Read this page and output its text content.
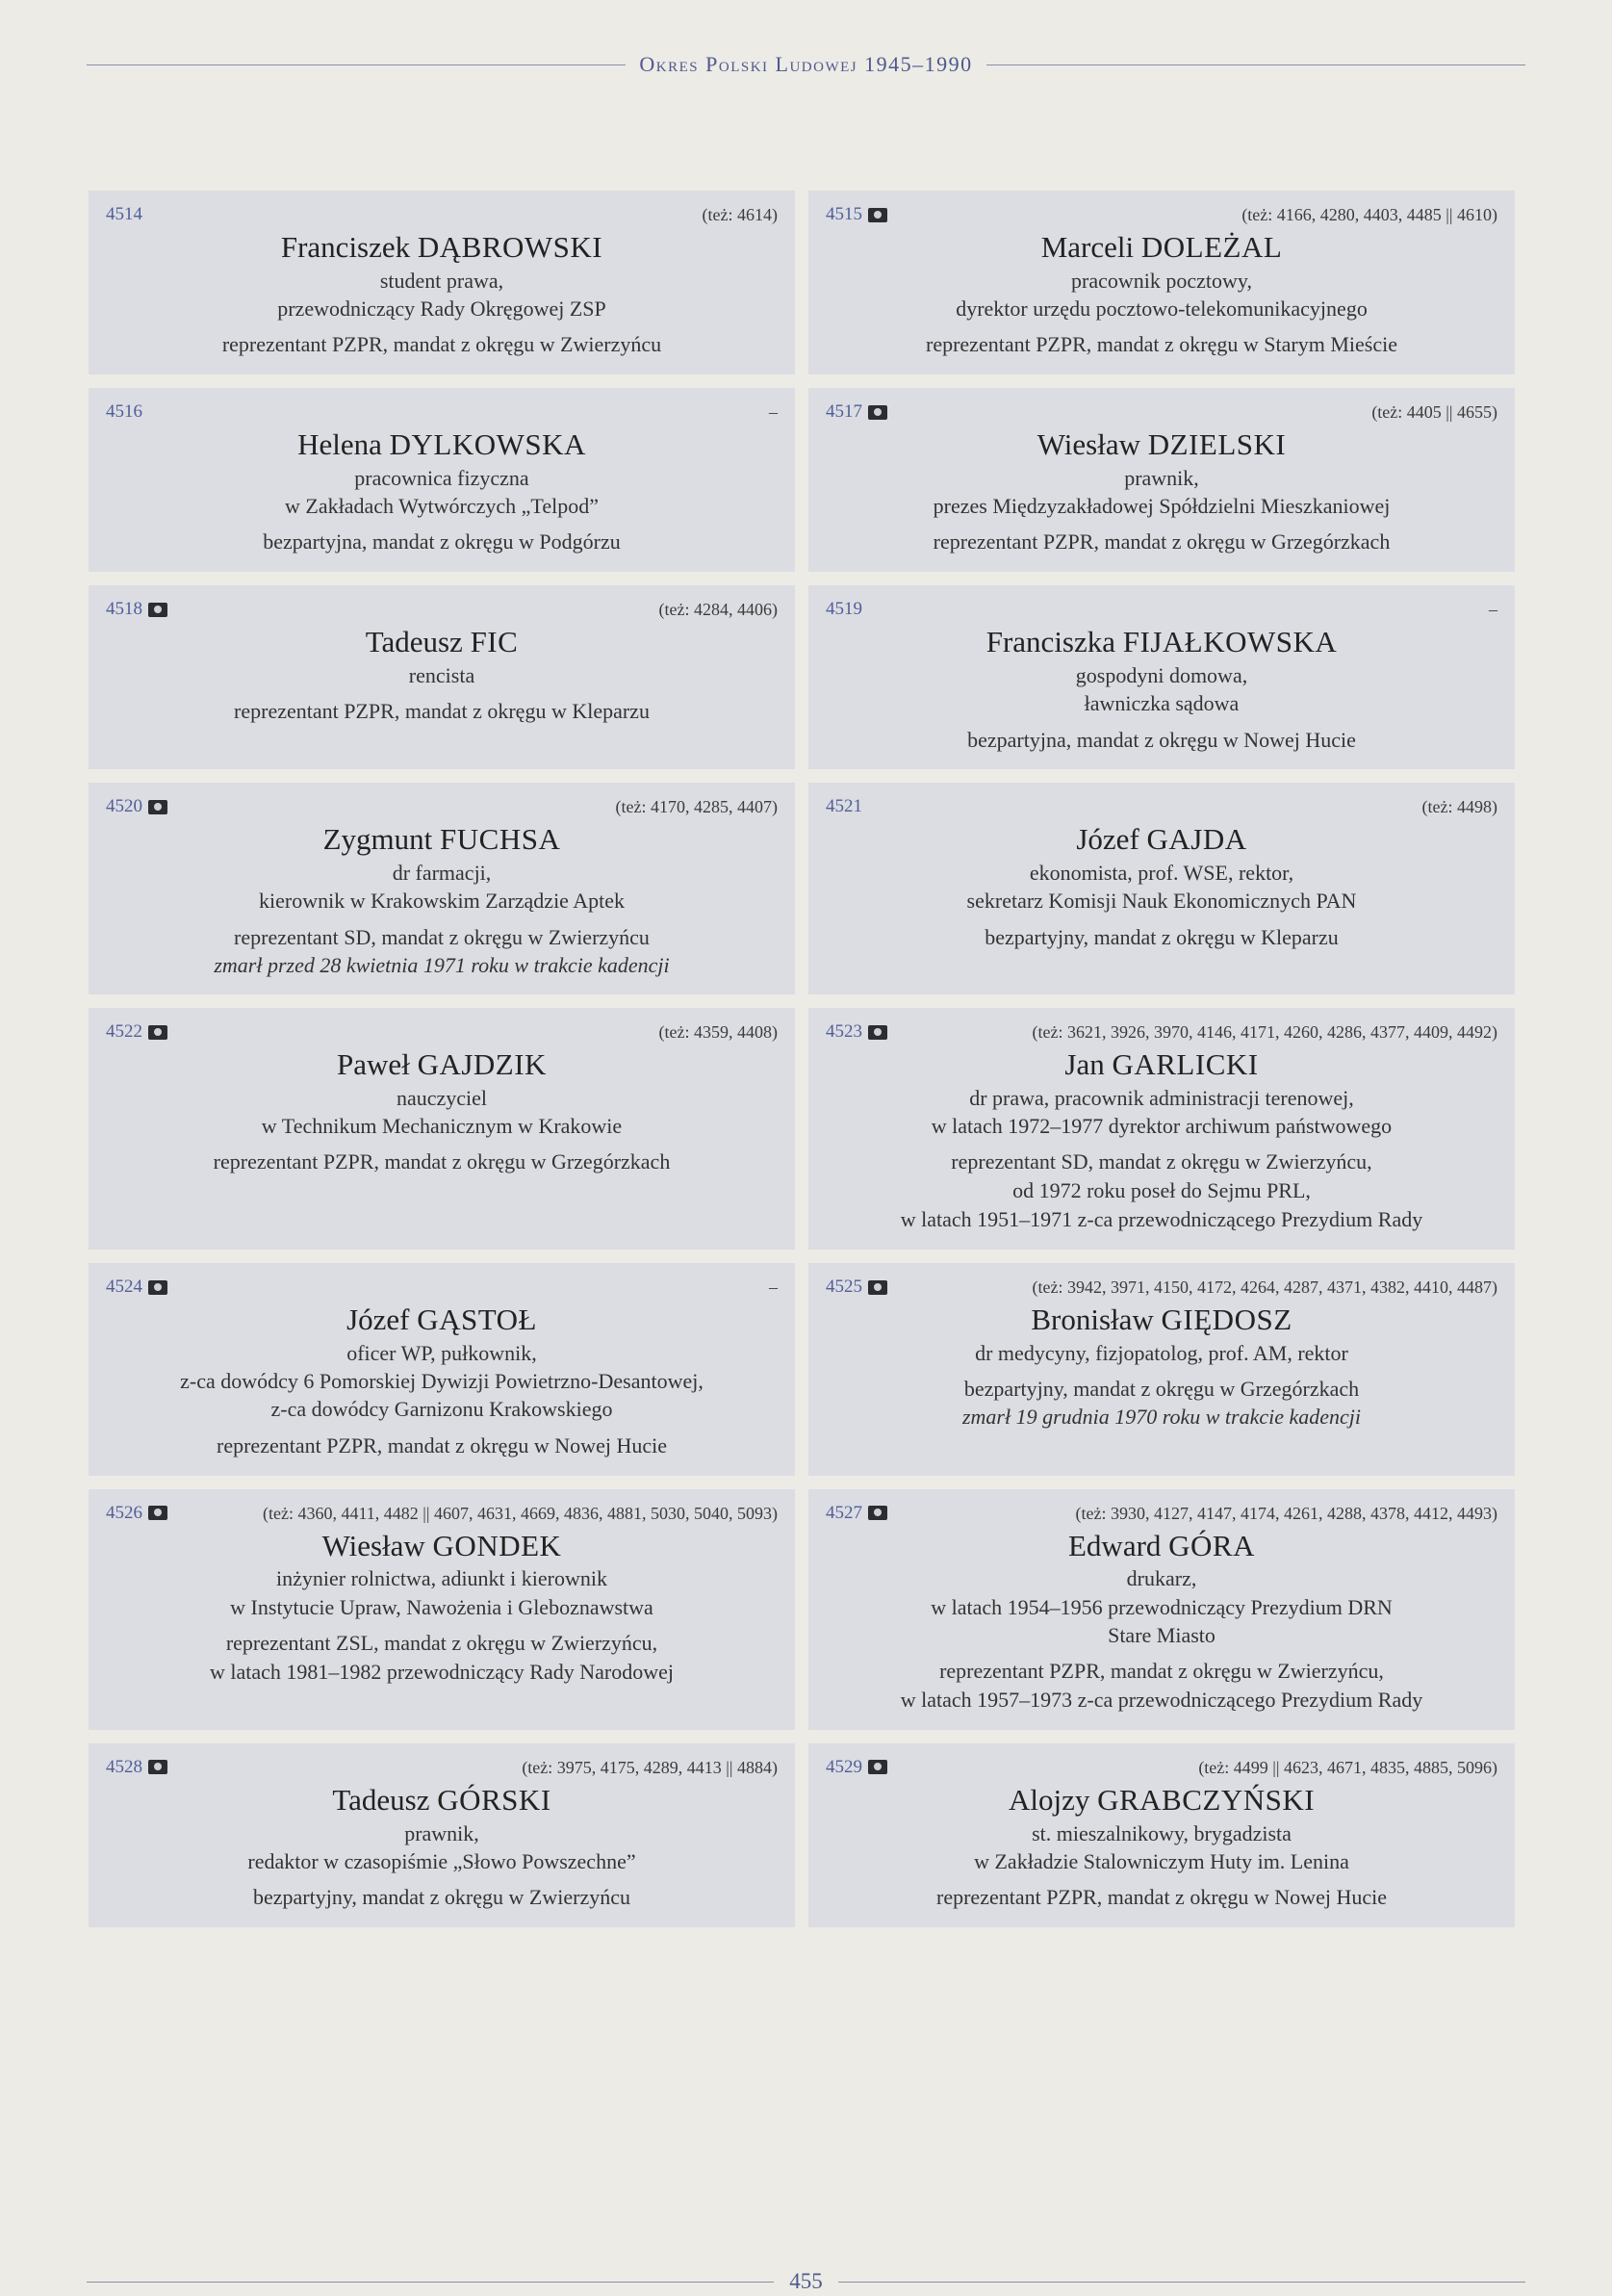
Okres Polski Ludowej 1945–1990
4514	(też: 4614)
Franciszek DĄBROWSKI
student prawa,
przewodniczący Rady Okręgowej ZSP
reprezentant PZPR, mandat z okręgu w Zwierzyńcu
4515	(też: 4166, 4280, 4403, 4485 || 4610)
Marceli DOLEŻAL
pracownik pocztowy,
dyrektor urzędu pocztowo-telekomunikacyjnego
reprezentant PZPR, mandat z okręgu w Starym Mieście
4516	–
Helena DYLKOWSKA
pracownica fizyczna
w Zakładach Wytwórczych „Telpod”
bezpartyjna, mandat z okręgu w Podgórzu
4517	(też: 4405 || 4655)
Wiesław DZIELSKI
prawnik,
prezes Międzyzakładowej Spółdzielni Mieszkaniowej
reprezentant PZPR, mandat z okręgu w Grzegórzkach
4518	(też: 4284, 4406)
Tadeusz FIC
rencista
reprezentant PZPR, mandat z okręgu w Kleparzu
4519	–
Franciszka FIJAŁKOWSKA
gospodyni domowa,
ławniczka sądowa
bezpartyjna, mandat z okręgu w Nowej Hucie
4520	(też: 4170, 4285, 4407)
Zygmunt FUCHSA
dr farmacji,
kierownik w Krakowskim Zarządzie Aptek
reprezentant SD, mandat z okręgu w Zwierzyńcu
zmarł przed 28 kwietnia 1971 roku w trakcie kadencji
4521	(też: 4498)
Józef GAJDA
ekonomista, prof. WSE, rektor,
sekretarz Komisji Nauk Ekonomicznych PAN
bezpartyjny, mandat z okręgu w Kleparzu
4522	(też: 4359, 4408)
Paweł GAJDZIK
nauczyciel
w Technikum Mechanicznym w Krakowie
reprezentant PZPR, mandat z okręgu w Grzegórzkach
4523	(też: 3621, 3926, 3970, 4146, 4171, 4260, 4286, 4377, 4409, 4492)
Jan GARLICKI
dr prawa, pracownik administracji terenowej,
w latach 1972–1977 dyrektor archiwum państwowego
reprezentant SD, mandat z okręgu w Zwierzyńcu,
od 1972 roku poseł do Sejmu PRL,
w latach 1951–1971 z-ca przewodniczącego Prezydium Rady
4524	–
Józef GĄSTOŁ
oficer WP, pułkownik,
z-ca dowódcy 6 Pomorskiej Dywizji Powietrzno-Desantowej,
z-ca dowódcy Garnizonu Krakowskiego
reprezentant PZPR, mandat z okręgu w Nowej Hucie
4525	(też: 3942, 3971, 4150, 4172, 4264, 4287, 4371, 4382, 4410, 4487)
Bronisław GIĘDOSZ
dr medycyny, fizjopatolog, prof. AM, rektor
bezpartyjny, mandat z okręgu w Grzegórzkach
zmarł 19 grudnia 1970 roku w trakcie kadencji
4526	(też: 4360, 4411, 4482 || 4607, 4631, 4669, 4836, 4881, 5030, 5040, 5093)
Wiesław GONDEK
inżynier rolnictwa, adiunkt i kierownik
w Instytucie Upraw, Nawożenia i Gleboznawstwa
reprezentant ZSL, mandat z okręgu w Zwierzyńcu,
w latach 1981–1982 przewodniczący Rady Narodowej
4527	(też: 3930, 4127, 4147, 4174, 4261, 4288, 4378, 4412, 4493)
Edward GÓRA
drukarz,
w latach 1954–1956 przewodniczący Prezydium DRN
Stare Miasto
reprezentant PZPR, mandat z okręgu w Zwierzyńcu,
w latach 1957–1973 z-ca przewodniczącego Prezydium Rady
4528	(też: 3975, 4175, 4289, 4413 || 4884)
Tadeusz GÓRSKI
prawnik,
redaktor w czasopiśmie „Słowo Powszechne”
bezpartyjny, mandat z okręgu w Zwierzyńcu
4529	(też: 4499 || 4623, 4671, 4835, 4885, 5096)
Alojzy GRABCZYŃSKI
st. mieszalnikowy, brygadzista
w Zakładzie Stalowniczym Huty im. Lenina
reprezentant PZPR, mandat z okręgu w Nowej Hucie
455
